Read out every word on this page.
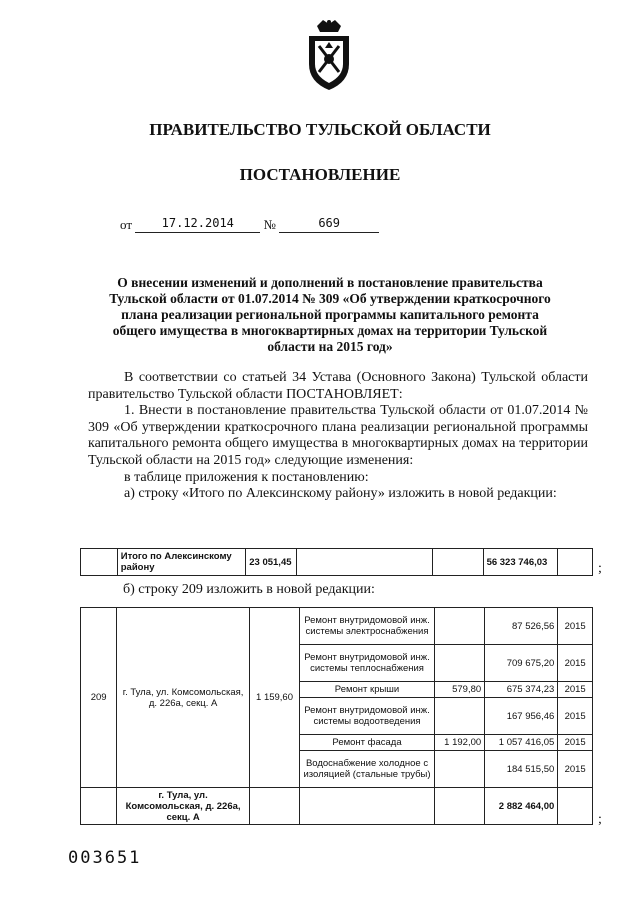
ПРАВИТЕЛЬСТВО ТУЛЬСКОЙ ОБЛАСТИ
ПОСТАНОВЛЕНИЕ
от 17.12.2014 №	669
О внесении изменений и дополнений в постановление правительства Тульской области от 01.07.2014 № 309 «Об утверждении краткосрочного плана реализации региональной программы капитального ремонта общего имущества в многоквартирных домах на территории Тульской области на 2015 год»

В соответствии со статьей 34 Устава (Основного Закона) Тульской области правительство Тульской области ПОСТАНОВЛЯЕТ:

1. Внести в постановление правительства Тульской области от 01.07.2014 № 309 «Об утверждении краткосрочного плана реализации региональной программы капитального ремонта общего имущества в многоквартирных домах на территории Тульской области на 2015 год» следующие изменения:

в таблице приложения к постановлению:

а) строку «Итого по Алексинскому району» изложить в новой редакции:

	Итого по Алексинскому району	23 051,45			56 323 746,03		;
б) строку 209 изложить в новой редакции:
209	г. Тула, ул. Комсомольская, д. 226а, секц. А	1 159,60	Ремонт внутридомовой инж. системы электроснабжения		87 526,56	2015
			Ремонт внутридомовой инж. системы теплоснабжения		709 675,20	2015
			Ремонт крыши	579,80	675 374,23	2015
			Ремонт внутридомовой инж. системы водоотведения		167 956,46	2015
			Ремонт фасада	1 192,00	1 057 416,05	2015
			Водоснабжение холодное с изоляцией (стальные трубы)		184 515,50	2015
	г. Тула, ул. Комсомольская, д. 226а, секц. А				2 882 464,00	
;
003651
